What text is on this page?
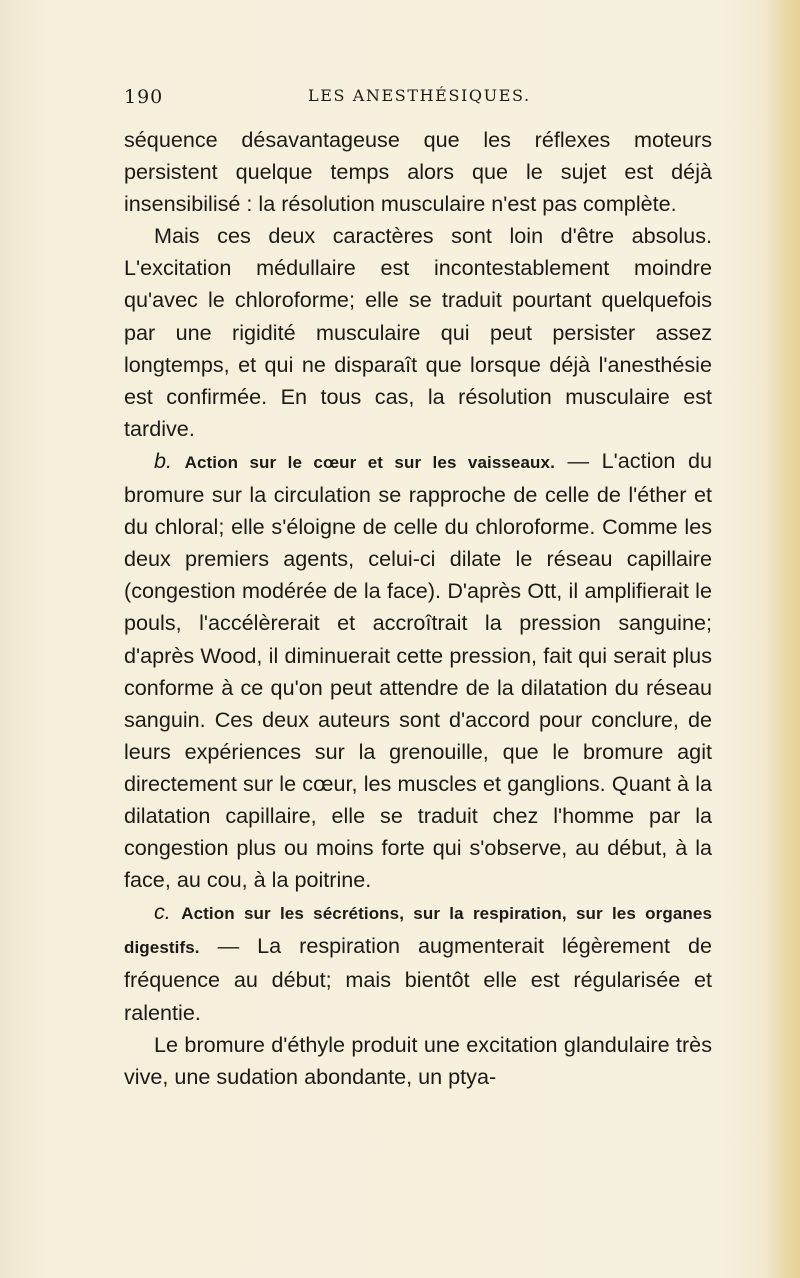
190	LES ANESTHÉSIQUES.

séquence désavantageuse que les réflexes moteurs persistent quelque temps alors que le sujet est déjà insensibilisé : la résolution musculaire n'est pas complète.

Mais ces deux caractères sont loin d'être absolus. L'excitation médullaire est incontestablement moindre qu'avec le chloroforme; elle se traduit pourtant quelquefois par une rigidité musculaire qui peut persister assez longtemps, et qui ne disparaît que lorsque déjà l'anesthésie est confirmée. En tous cas, la résolution musculaire est tardive.

b. Action sur le cœur et sur les vaisseaux. — L'action du bromure sur la circulation se rapproche de celle de l'éther et du chloral; elle s'éloigne de celle du chloroforme. Comme les deux premiers agents, celui-ci dilate le réseau capillaire (congestion modérée de la face). D'après Ott, il amplifierait le pouls, l'accélèrerait et accroîtrait la pression sanguine; d'après Wood, il diminuerait cette pression, fait qui serait plus conforme à ce qu'on peut attendre de la dilatation du réseau sanguin. Ces deux auteurs sont d'accord pour conclure, de leurs expériences sur la grenouille, que le bromure agit directement sur le cœur, les muscles et ganglions. Quant à la dilatation capillaire, elle se traduit chez l'homme par la congestion plus ou moins forte qui s'observe, au début, à la face, au cou, à la poitrine.

c. Action sur les sécrétions, sur la respiration, sur les organes digestifs. — La respiration augmenterait légèrement de fréquence au début; mais bientôt elle est régularisée et ralentie.

Le bromure d'éthyle produit une excitation glandulaire très vive, une sudation abondante, un ptya-
